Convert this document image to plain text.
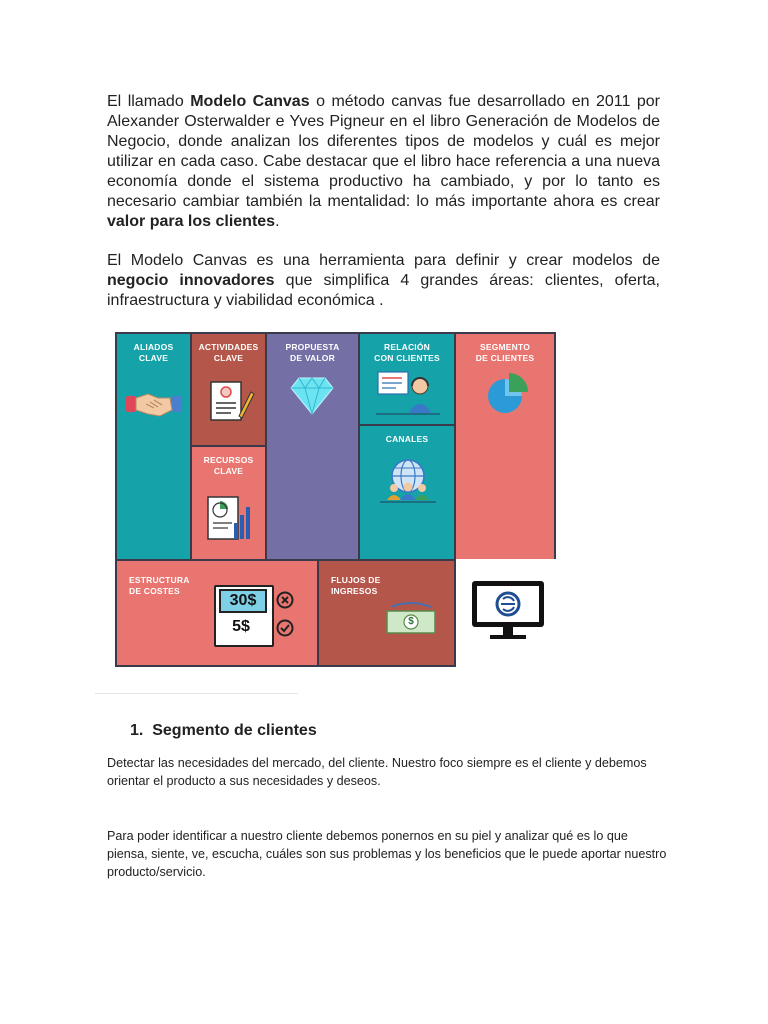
El llamado Modelo Canvas o método canvas fue desarrollado en 2011 por Alexander Osterwalder e Yves Pigneur en el libro Generación de Modelos de Negocio, donde analizan los diferentes tipos de modelos y cuál es mejor utilizar en cada caso. Cabe destacar que el libro hace referencia a una nueva economía donde el sistema productivo ha cambiado, y por lo tanto es necesario cambiar también la mentalidad: lo más importante ahora es crear valor para los clientes.

El Modelo Canvas es una herramienta para definir y crear modelos de negocio innovadores que simplifica 4 grandes áreas: clientes, oferta, infraestructura y viabilidad económica .

ALIADOS
CLAVE
ACTIVIDADES
CLAVE
RECURSOS
CLAVE
PROPUESTA
DE VALOR
RELACIÓN
CON CLIENTES
CANALES
SEGMENTO
DE CLIENTES
ESTRUCTURA
DE COSTES
30$
5$
FLUJOS DE
INGRESOS
$
1.  Segmento de clientes

Detectar las necesidades del mercado, del cliente. Nuestro foco siempre es el cliente y debemos orientar el producto a sus necesidades y deseos.

Para poder identificar a nuestro cliente debemos ponernos en su piel y analizar qué es lo que piensa, siente, ve, escucha, cuáles son sus problemas y los beneficios que le puede aportar nuestro producto/servicio.
